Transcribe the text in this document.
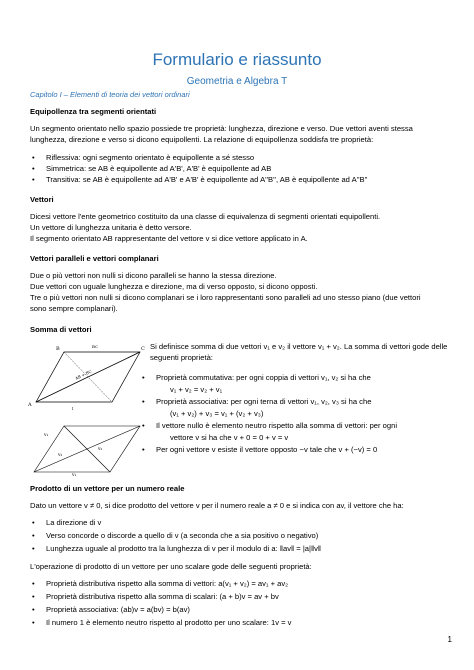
Formulario e riassunto
Geometria e Algebra T
Capitolo I – Elementi di teoria dei vettori ordinari
Equipollenza tra segmenti orientati
Un segmento orientato nello spazio possiede tre proprietà: lunghezza, direzione e verso. Due vettori aventi stessa lunghezza, direzione e verso si dicono equipollenti. La relazione di equipollenza soddisfa tre proprietà:
• Riflessiva: ogni segmento orientato è equipollente a sé stesso
• Simmetrica: se AB è equipollente ad A'B', A'B' è equipollente ad AB
• Transitiva: se AB è equipollente ad A'B' e A'B' è equipollente ad A''B'', AB è equipollente ad A''B''
Vettori
Dicesi vettore l'ente geometrico costituito da una classe di equivalenza di segmenti orientati equipollenti.
Un vettore di lunghezza unitaria è detto versore.
Il segmento orientato AB rappresentante del vettore v si dice vettore applicato in A.
Vettori paralleli e vettori complanari
Due o più vettori non nulli si dicono paralleli se hanno la stessa direzione.
Due vettori con uguale lunghezza e direzione, ma di verso opposto, si dicono opposti.
Tre o più vettori non nulli si dicono complanari se i loro rappresentanti sono paralleli ad uno stesso piano (due vettori
sono sempre complanari).
Somma di vettori
B	C
A
AB + BC
BC
l
v₁
v₂
v₁
v₂
Si definisce somma di due vettori v₁ e v₂ il vettore v₁ + v₂. La somma di vettori gode delle seguenti proprietà:
• Proprietà commutativa: per ogni coppia di vettori v₁, v₂ si ha che
v₁ + v₂ = v₂ + v₁
• Proprietà associativa: per ogni terna di vettori v₁, v₂, v₃ si ha che
(v₁ + v₂) + v₃ = v₁ + (v₂ + v₃)
• Il vettore nullo è elemento neutro rispetto alla somma di vettori: per ogni
vettore v si ha che v + 0 = 0 + v = v
• Per ogni vettore v esiste il vettore opposto −v tale che v + (−v) = 0
Prodotto di un vettore per un numero reale
Dato un vettore v ≠ 0, si dice prodotto del vettore v per il numero reale a ≠ 0 e si indica con av, il vettore che ha:
• La direzione di v
• Verso concorde o discorde a quello di v (a seconda che a sia positivo o negativo)
• Lunghezza uguale al prodotto tra la lunghezza di v per il modulo di a: ‖av‖ = |a|‖v‖
L'operazione di prodotto di un vettore per uno scalare gode delle seguenti proprietà:
• Proprietà distributiva rispetto alla somma di vettori: a(v₁ + v₂) = av₁ + av₂
• Proprietà distributiva rispetto alla somma di scalari: (a + b)v = av + bv
• Proprietà associativa: (ab)v = a(bv) = b(av)
• Il numero 1 è elemento neutro rispetto al prodotto per uno scalare: 1v = v
1
